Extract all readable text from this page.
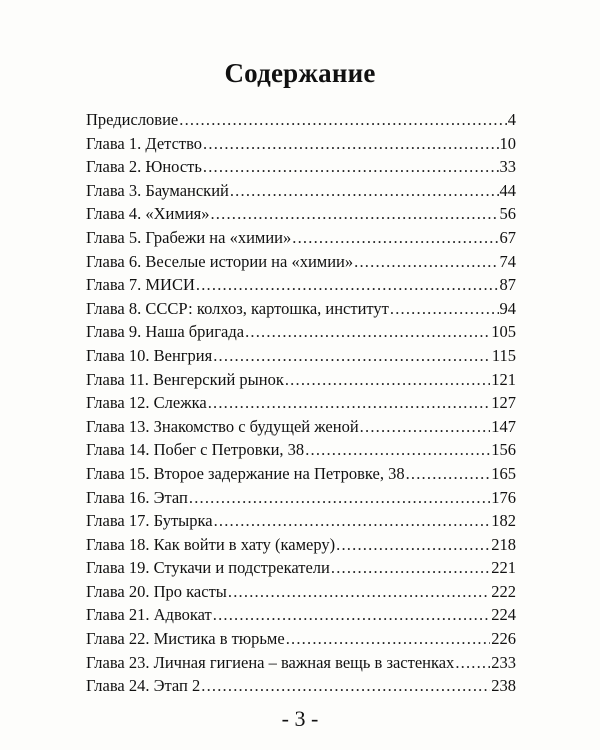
Содержание
Предисловие .....	4
Глава 1. Детство .....	10
Глава 2. Юность .....	33
Глава 3. Бауманский .....	44
Глава 4. «Химия» .....	56
Глава 5. Грабежи на «химии» .....	67
Глава 6. Веселые истории на «химии» .....	74
Глава 7. МИСИ .....	87
Глава 8. СССР: колхоз, картошка, институт .....	94
Глава 9. Наша бригада .....	105
Глава 10. Венгрия .....	115
Глава 11. Венгерский рынок .....	121
Глава 12. Слежка .....	127
Глава 13. Знакомство с будущей женой .....	147
Глава 14. Побег с Петровки, 38 .....	156
Глава 15. Второе задержание на Петровке, 38 .....	165
Глава 16. Этап .....	176
Глава 17. Бутырка .....	182
Глава 18. Как войти в хату (камеру) .....	218
Глава 19. Стукачи и подстрекатели .....	221
Глава 20. Про касты .....	222
Глава 21. Адвокат .....	224
Глава 22. Мистика в тюрьме .....	226
Глава 23. Личная гигиена – важная вещь в застенках ..... 233
Глава 24. Этап 2 .....	238
- 3 -
